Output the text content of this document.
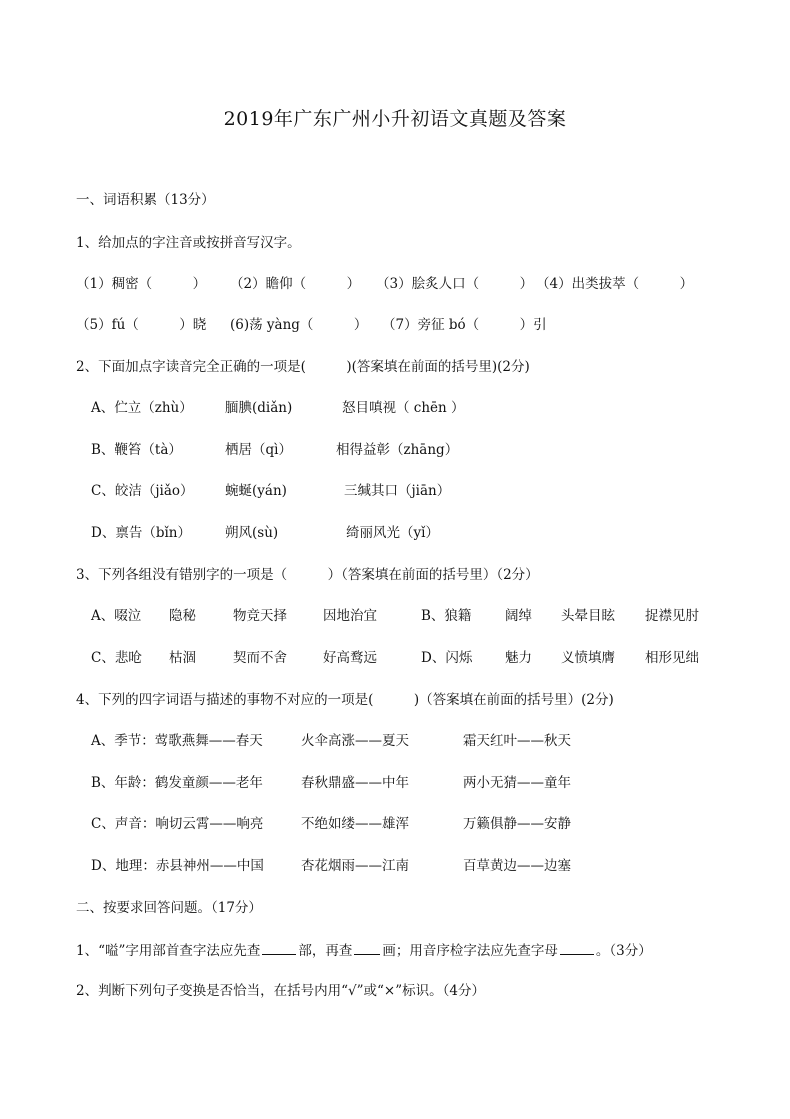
2019年广东广州小升初语文真题及答案
一、词语积累（13分）
1、给加点的字注音或按拼音写汉字。
（1）稠密（　　　） （2）瞻仰（　　　） （3）脍炙人口（　　　） （4）出类拔萃（　　　）
（5）fú（　　　）晓 (6)荡 yàng（　　　） （7）旁征 bó（　　　）引
2、下面加点字读音完全正确的一项是(　　　)(答案填在前面的括号里)(2分)
A、伫立（zhù） 腼腆(diǎn)	怒目嗔视（ chēn ）
B、鞭笞（tà）	栖居（qì）	相得益彰（zhāng）
C、皎洁（jiǎo） 蜿蜒(yán)	三缄其口（jiān）
D、禀告（bǐn）	朔风(sù)	绮丽风光（yǐ）
3、下列各组没有错别字的一项是（　　　）（答案填在前面的括号里）（2分）
A、啜泣 隐秘	物竞天择	因地治宜	B、狼籍 阔绰 头晕目眩 捉襟见肘
C、悲呛 枯涸	契而不舍	好高鹜远	D、闪烁 魅力 义愤填膺 相形见绌
4、下列的四字词语与描述的事物不对应的一项是(　　　)（答案填在前面的括号里）(2分)
A、季节：莺歌燕舞——春天	火伞高涨——夏天	霜天红叶——秋天
B、年龄：鹤发童颜——老年	春秋鼎盛——中年	两小无猜——童年
C、声音：响切云霄——响亮	不绝如缕——雄浑	万籁俱静——安静
D、地理：赤县神州——中国	杏花烟雨——江南	百草黄边——边塞
二、按要求回答问题。（17分）
1、“嗌”字用部首查字法应先查	部，再查 画；用音序检字法应先查字母	。（3分）
2、判断下列句子变换是否恰当，在括号内用“√”或“×”标识。（4分）
